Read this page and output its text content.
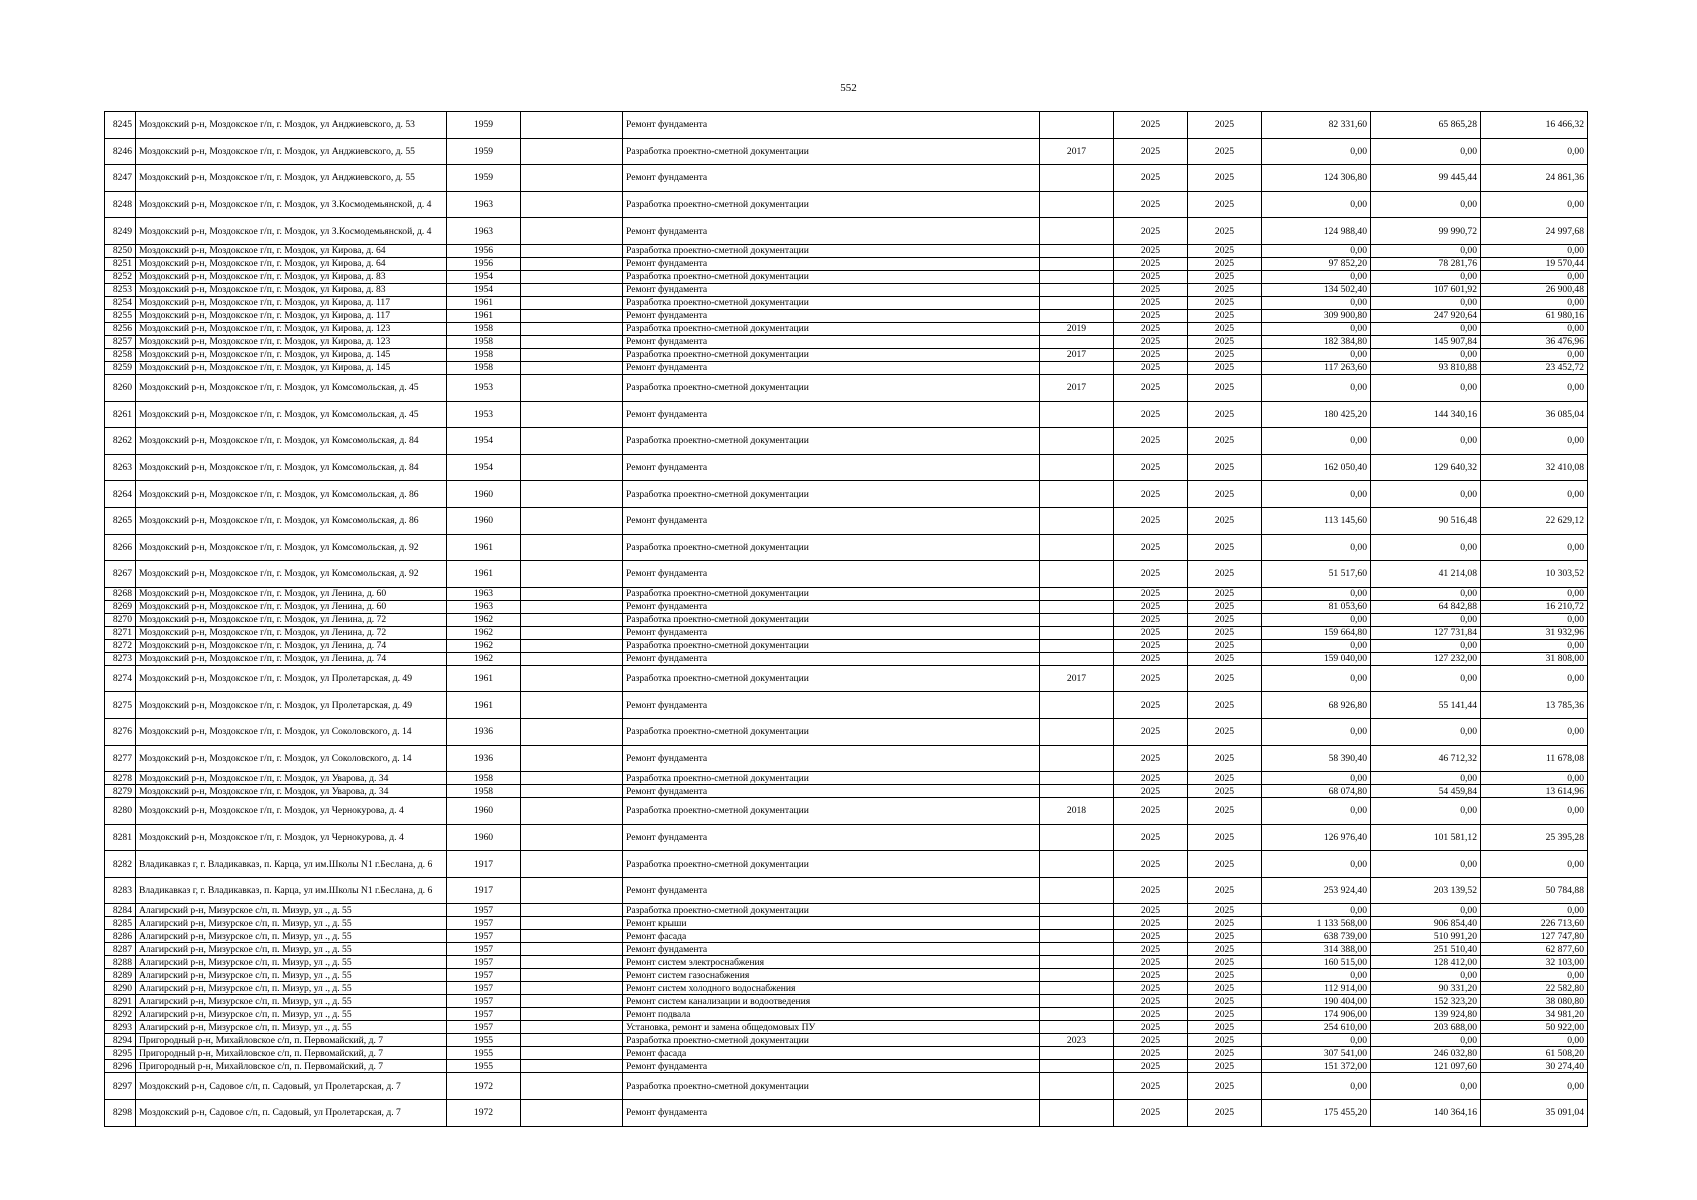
552
8245	Моздокский р-н, Моздокское г/п, г. Моздок, ул Анджиевского, д. 53	1959		Ремонт фундамента		2025	2025	82 331,60	65 865,28	16 466,32
8246	Моздокский р-н, Моздокское г/п, г. Моздок, ул Анджиевского, д. 55	1959		Разработка проектно-сметной документации	2017	2025	2025	0,00	0,00	0,00
8247	Моздокский р-н, Моздокское г/п, г. Моздок, ул Анджиевского, д. 55	1959		Ремонт фундамента		2025	2025	124 306,80	99 445,44	24 861,36
8248	Моздокский р-н, Моздокское г/п, г. Моздок, ул З.Космодемьянской, д. 4	1963		Разработка проектно-сметной документации		2025	2025	0,00	0,00	0,00
8249	Моздокский р-н, Моздокское г/п, г. Моздок, ул З.Космодемьянской, д. 4	1963		Ремонт фундамента		2025	2025	124 988,40	99 990,72	24 997,68
8250	Моздокский р-н, Моздокское г/п, г. Моздок, ул Кирова, д. 64	1956		Разработка проектно-сметной документации		2025	2025	0,00	0,00	0,00
8251	Моздокский р-н, Моздокское г/п, г. Моздок, ул Кирова, д. 64	1956		Ремонт фундамента		2025	2025	97 852,20	78 281,76	19 570,44
8252	Моздокский р-н, Моздокское г/п, г. Моздок, ул Кирова, д. 83	1954		Разработка проектно-сметной документации		2025	2025	0,00	0,00	0,00
8253	Моздокский р-н, Моздокское г/п, г. Моздок, ул Кирова, д. 83	1954		Ремонт фундамента		2025	2025	134 502,40	107 601,92	26 900,48
8254	Моздокский р-н, Моздокское г/п, г. Моздок, ул Кирова, д. 117	1961		Разработка проектно-сметной документации		2025	2025	0,00	0,00	0,00
8255	Моздокский р-н, Моздокское г/п, г. Моздок, ул Кирова, д. 117	1961		Ремонт фундамента		2025	2025	309 900,80	247 920,64	61 980,16
8256	Моздокский р-н, Моздокское г/п, г. Моздок, ул Кирова, д. 123	1958		Разработка проектно-сметной документации	2019	2025	2025	0,00	0,00	0,00
8257	Моздокский р-н, Моздокское г/п, г. Моздок, ул Кирова, д. 123	1958		Ремонт фундамента		2025	2025	182 384,80	145 907,84	36 476,96
8258	Моздокский р-н, Моздокское г/п, г. Моздок, ул Кирова, д. 145	1958		Разработка проектно-сметной документации	2017	2025	2025	0,00	0,00	0,00
8259	Моздокский р-н, Моздокское г/п, г. Моздок, ул Кирова, д. 145	1958		Ремонт фундамента		2025	2025	117 263,60	93 810,88	23 452,72
8260	Моздокский р-н, Моздокское г/п, г. Моздок, ул Комсомольская, д. 45	1953		Разработка проектно-сметной документации	2017	2025	2025	0,00	0,00	0,00
8261	Моздокский р-н, Моздокское г/п, г. Моздок, ул Комсомольская, д. 45	1953		Ремонт фундамента		2025	2025	180 425,20	144 340,16	36 085,04
8262	Моздокский р-н, Моздокское г/п, г. Моздок, ул Комсомольская, д. 84	1954		Разработка проектно-сметной документации		2025	2025	0,00	0,00	0,00
8263	Моздокский р-н, Моздокское г/п, г. Моздок, ул Комсомольская, д. 84	1954		Ремонт фундамента		2025	2025	162 050,40	129 640,32	32 410,08
8264	Моздокский р-н, Моздокское г/п, г. Моздок, ул Комсомольская, д. 86	1960		Разработка проектно-сметной документации		2025	2025	0,00	0,00	0,00
8265	Моздокский р-н, Моздокское г/п, г. Моздок, ул Комсомольская, д. 86	1960		Ремонт фундамента		2025	2025	113 145,60	90 516,48	22 629,12
8266	Моздокский р-н, Моздокское г/п, г. Моздок, ул Комсомольская, д. 92	1961		Разработка проектно-сметной документации		2025	2025	0,00	0,00	0,00
8267	Моздокский р-н, Моздокское г/п, г. Моздок, ул Комсомольская, д. 92	1961		Ремонт фундамента		2025	2025	51 517,60	41 214,08	10 303,52
8268	Моздокский р-н, Моздокское г/п, г. Моздок, ул Ленина, д. 60	1963		Разработка проектно-сметной документации		2025	2025	0,00	0,00	0,00
8269	Моздокский р-н, Моздокское г/п, г. Моздок, ул Ленина, д. 60	1963		Ремонт фундамента		2025	2025	81 053,60	64 842,88	16 210,72
8270	Моздокский р-н, Моздокское г/п, г. Моздок, ул Ленина, д. 72	1962		Разработка проектно-сметной документации		2025	2025	0,00	0,00	0,00
8271	Моздокский р-н, Моздокское г/п, г. Моздок, ул Ленина, д. 72	1962		Ремонт фундамента		2025	2025	159 664,80	127 731,84	31 932,96
8272	Моздокский р-н, Моздокское г/п, г. Моздок, ул Ленина, д. 74	1962		Разработка проектно-сметной документации		2025	2025	0,00	0,00	0,00
8273	Моздокский р-н, Моздокское г/п, г. Моздок, ул Ленина, д. 74	1962		Ремонт фундамента		2025	2025	159 040,00	127 232,00	31 808,00
8274	Моздокский р-н, Моздокское г/п, г. Моздок, ул Пролетарская, д. 49	1961		Разработка проектно-сметной документации	2017	2025	2025	0,00	0,00	0,00
8275	Моздокский р-н, Моздокское г/п, г. Моздок, ул Пролетарская, д. 49	1961		Ремонт фундамента		2025	2025	68 926,80	55 141,44	13 785,36
8276	Моздокский р-н, Моздокское г/п, г. Моздок, ул Соколовского, д. 14	1936		Разработка проектно-сметной документации		2025	2025	0,00	0,00	0,00
8277	Моздокский р-н, Моздокское г/п, г. Моздок, ул Соколовского, д. 14	1936		Ремонт фундамента		2025	2025	58 390,40	46 712,32	11 678,08
8278	Моздокский р-н, Моздокское г/п, г. Моздок, ул Уварова, д. 34	1958		Разработка проектно-сметной документации		2025	2025	0,00	0,00	0,00
8279	Моздокский р-н, Моздокское г/п, г. Моздок, ул Уварова, д. 34	1958		Ремонт фундамента		2025	2025	68 074,80	54 459,84	13 614,96
8280	Моздокский р-н, Моздокское г/п, г. Моздок, ул Чернокурова, д. 4	1960		Разработка проектно-сметной документации	2018	2025	2025	0,00	0,00	0,00
8281	Моздокский р-н, Моздокское г/п, г. Моздок, ул Чернокурова, д. 4	1960		Ремонт фундамента		2025	2025	126 976,40	101 581,12	25 395,28
8282	Владикавказ г, г. Владикавказ, п. Карца, ул им.Школы N1 г.Беслана, д. 6	1917		Разработка проектно-сметной документации		2025	2025	0,00	0,00	0,00
8283	Владикавказ г, г. Владикавказ, п. Карца, ул им.Школы N1 г.Беслана, д. 6	1917		Ремонт фундамента		2025	2025	253 924,40	203 139,52	50 784,88
8284	Алагирский р-н, Мизурское с/п, п. Мизур, ул ., д. 55	1957		Разработка проектно-сметной документации		2025	2025	0,00	0,00	0,00
8285	Алагирский р-н, Мизурское с/п, п. Мизур, ул ., д. 55	1957		Ремонт крыши		2025	2025	1 133 568,00	906 854,40	226 713,60
8286	Алагирский р-н, Мизурское с/п, п. Мизур, ул ., д. 55	1957		Ремонт фасада		2025	2025	638 739,00	510 991,20	127 747,80
8287	Алагирский р-н, Мизурское с/п, п. Мизур, ул ., д. 55	1957		Ремонт фундамента		2025	2025	314 388,00	251 510,40	62 877,60
8288	Алагирский р-н, Мизурское с/п, п. Мизур, ул ., д. 55	1957		Ремонт систем электроснабжения		2025	2025	160 515,00	128 412,00	32 103,00
8289	Алагирский р-н, Мизурское с/п, п. Мизур, ул ., д. 55	1957		Ремонт систем газоснабжения		2025	2025	0,00	0,00	0,00
8290	Алагирский р-н, Мизурское с/п, п. Мизур, ул ., д. 55	1957		Ремонт систем холодного водоснабжения		2025	2025	112 914,00	90 331,20	22 582,80
8291	Алагирский р-н, Мизурское с/п, п. Мизур, ул ., д. 55	1957		Ремонт систем канализации и водоотведения		2025	2025	190 404,00	152 323,20	38 080,80
8292	Алагирский р-н, Мизурское с/п, п. Мизур, ул ., д. 55	1957		Ремонт подвала		2025	2025	174 906,00	139 924,80	34 981,20
8293	Алагирский р-н, Мизурское с/п, п. Мизур, ул ., д. 55	1957		Установка, ремонт и замена общедомовых ПУ		2025	2025	254 610,00	203 688,00	50 922,00
8294	Пригородный р-н, Михайловское с/п, п. Первомайский, д. 7	1955		Разработка проектно-сметной документации	2023	2025	2025	0,00	0,00	0,00
8295	Пригородный р-н, Михайловское с/п, п. Первомайский, д. 7	1955		Ремонт фасада		2025	2025	307 541,00	246 032,80	61 508,20
8296	Пригородный р-н, Михайловское с/п, п. Первомайский, д. 7	1955		Ремонт фундамента		2025	2025	151 372,00	121 097,60	30 274,40
8297	Моздокский р-н, Садовое с/п, п. Садовый, ул Пролетарская, д. 7	1972		Разработка проектно-сметной документации		2025	2025	0,00	0,00	0,00
8298	Моздокский р-н, Садовое с/п, п. Садовый, ул Пролетарская, д. 7	1972		Ремонт фундамента		2025	2025	175 455,20	140 364,16	35 091,04
